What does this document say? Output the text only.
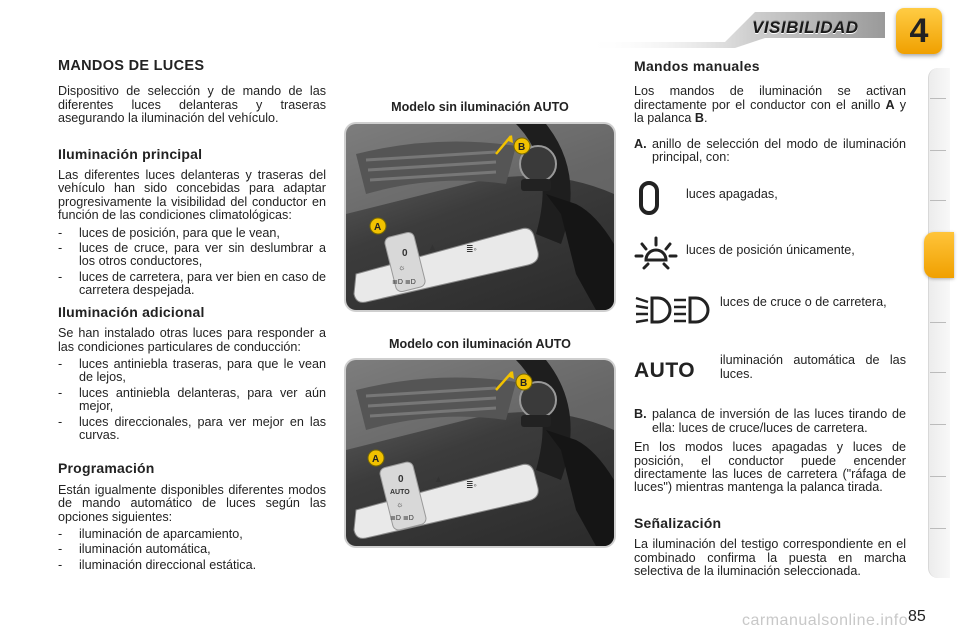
VISIBILIDAD	4
MANDOS DE LUCES

Dispositivo de selección y de mando de las diferentes luces delanteras y traseras asegurando la iluminación del vehículo.

Iluminación principal

Las diferentes luces delanteras y traseras del vehículo han sido concebidas para adaptar progresivamente la visibilidad del conductor en función de las condiciones climatológicas:

- luces de posición, para que le vean,
- luces de cruce, para ver sin deslumbrar a los otros conductores,
- luces de carretera, para ver bien en caso de carretera despejada.
Iluminación adicional

Se han instalado otras luces para responder a las condiciones particulares de conducción:

- luces antiniebla traseras, para que le vean de lejos,
- luces antiniebla delanteras, para ver aún mejor,
- luces direccionales, para ver mejor en las curvas.
Programación

Están igualmente disponibles diferentes modos de mando automático de luces según las opciones siguientes:

- iluminación de aparcamiento,
- iluminación automática,
- iluminación direccional estática.
Modelo sin iluminación AUTO
0
☼
≣D ≣D
▲	≣◦
A
B
Modelo con iluminación AUTO
0
AUTO
☼
≣D ≣D
▲
≣◦
A
B
Mandos manuales

Los mandos de iluminación se activan directamente por el conductor con el anillo A y la palanca B.

A. anillo de selección del modo de iluminación principal, con:
luces apagadas,
luces de posición únicamente,
luces de cruce o de carretera,
AUTO	iluminación automática de las luces.
B. palanca de inversión de las luces tirando de ella: luces de cruce/luces de carretera.

En los modos luces apagadas y luces de posición, el conductor puede encender directamente las luces de carretera ("ráfaga de luces") mientras mantenga la palanca tirada.

Señalización

La iluminación del testigo correspondiente en el combinado confirma la puesta en marcha selectiva de la iluminación seleccionada.

carmanualsonline.info 85
